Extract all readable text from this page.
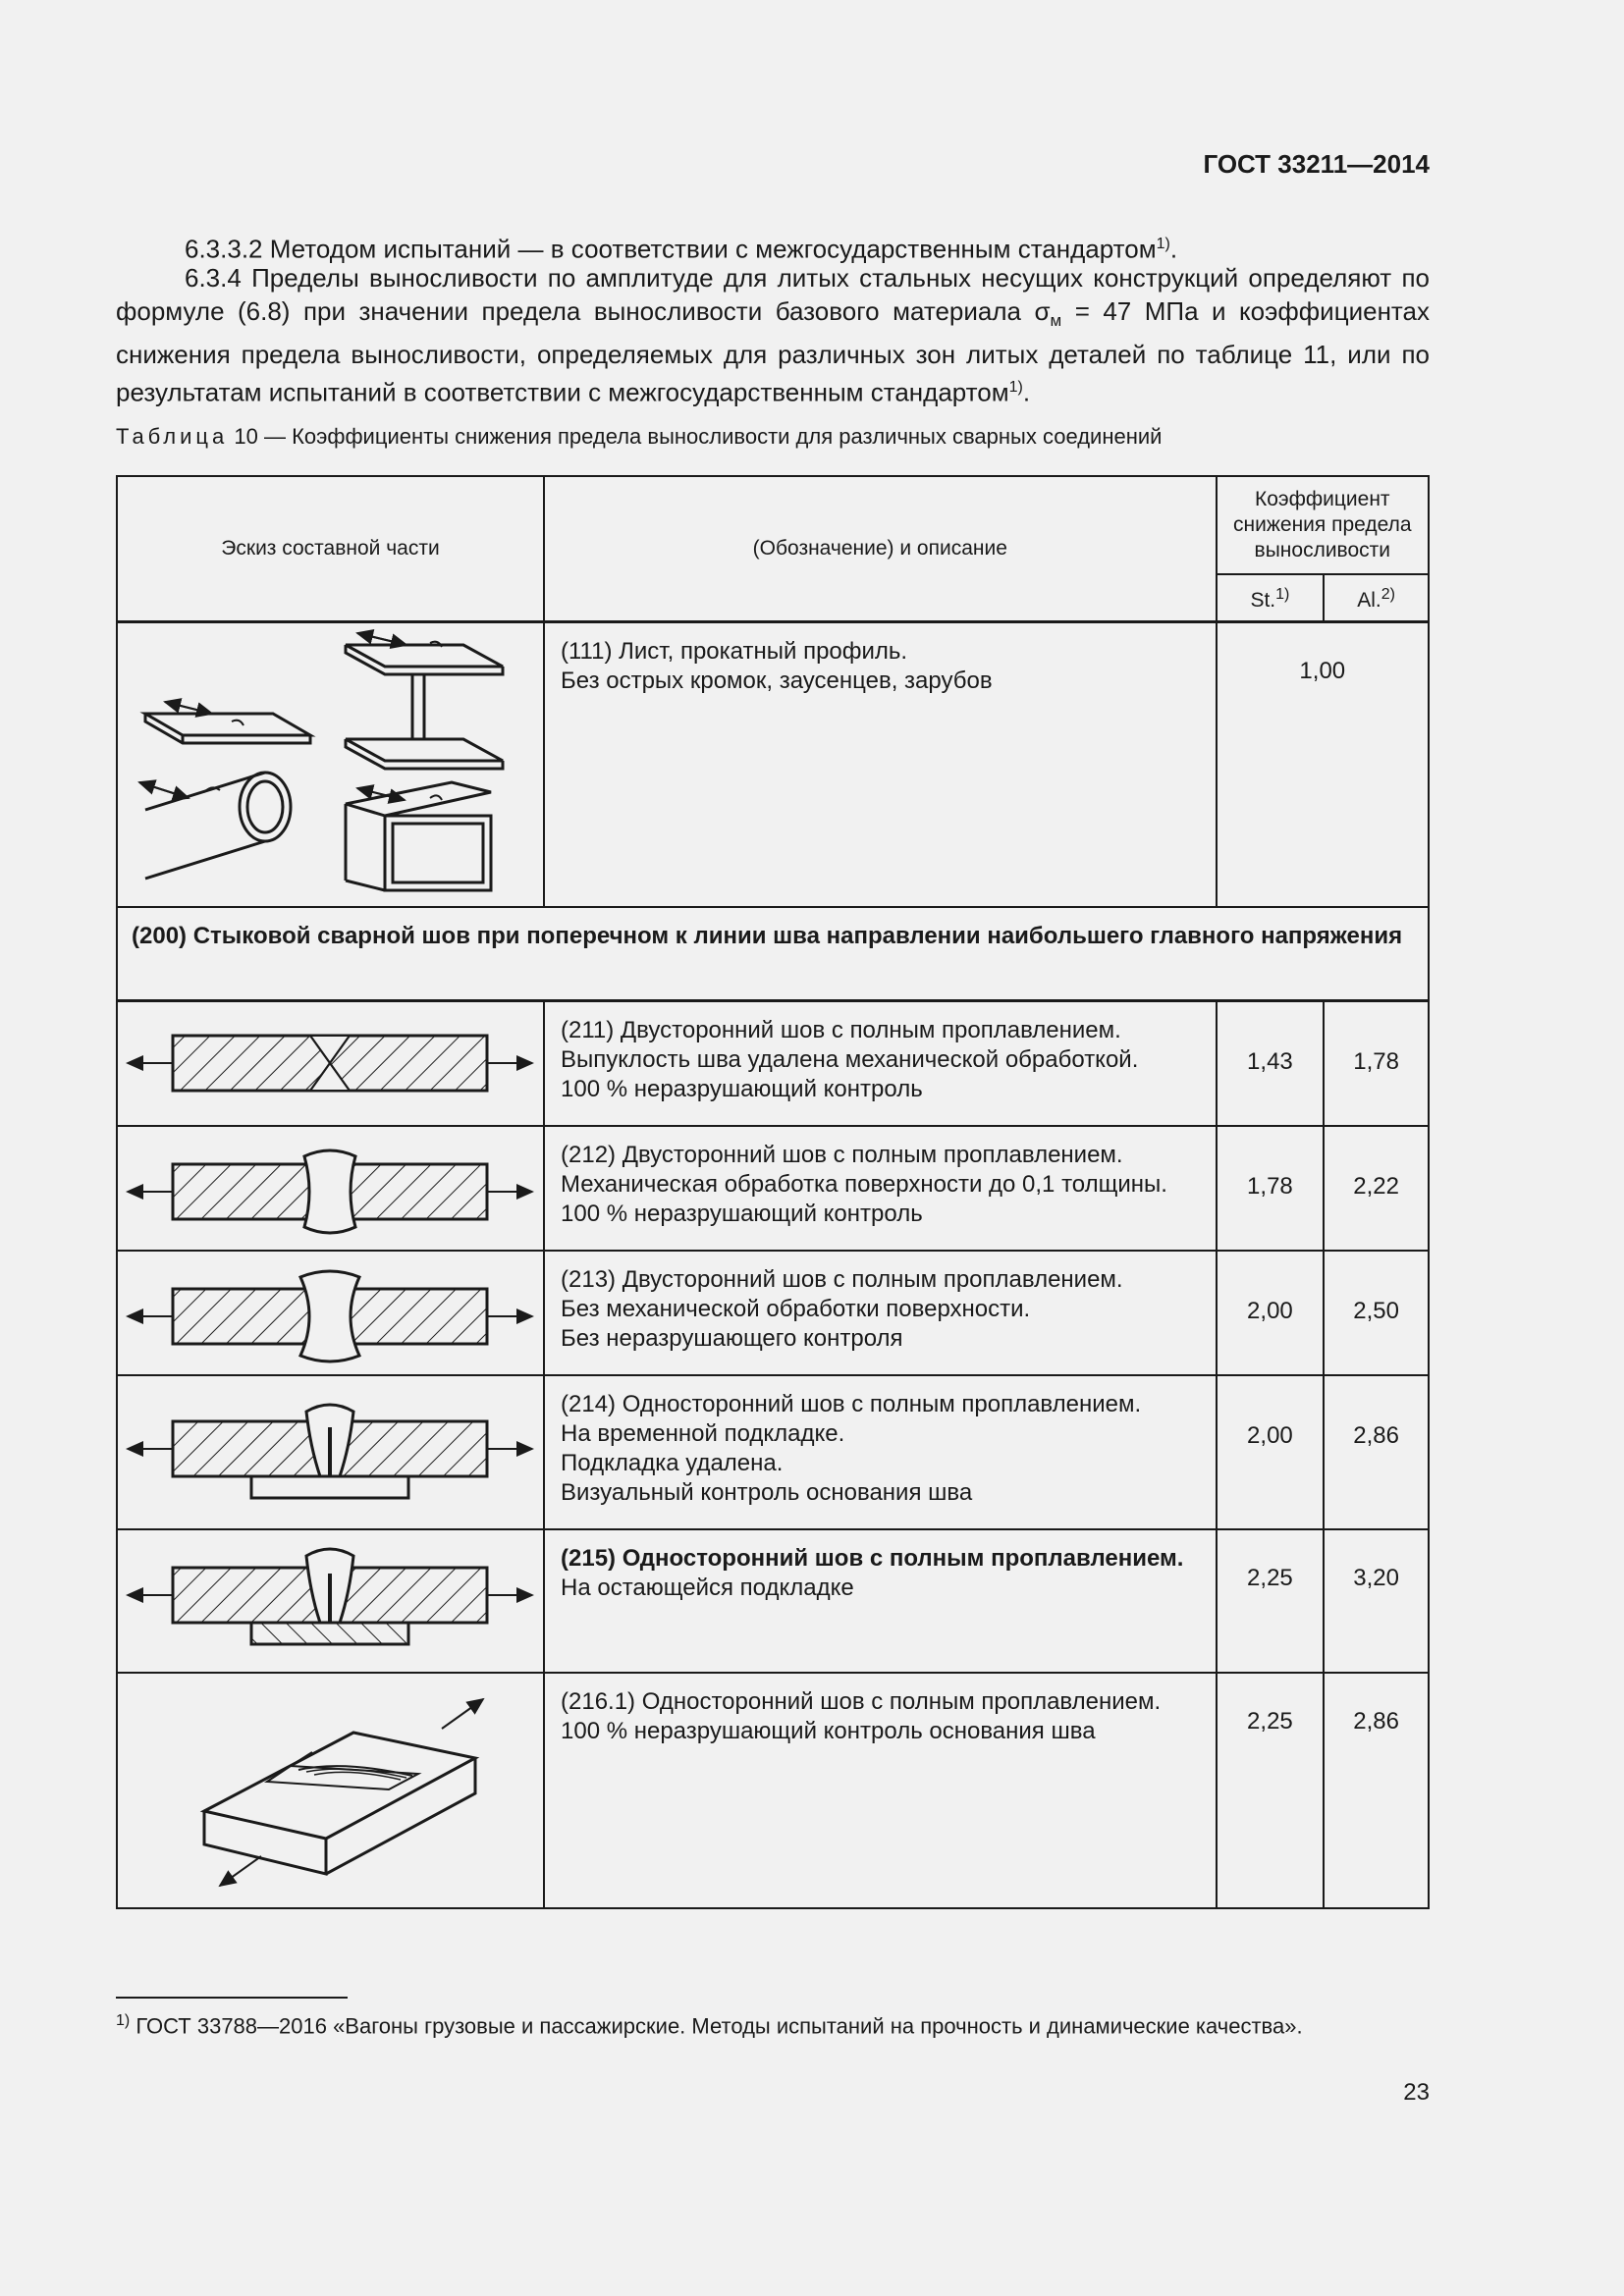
ГОСТ 33211—2014
6.3.3.2 Методом испытаний — в соответствии с межгосударственным стандартом$^{1)}$.
6.3.4 Пределы выносливости по амплитуде для литых стальных несущих конструкций определяют по формуле (6.8) при значении предела выносливости базового материала $\sigma_м = 47$ МПа и коэффициентах снижения предела выносливости, определяемых для различных зон литых деталей по таблице 11, или по результатам испытаний в соответствии с межгосударственным стандартом$^{1)}$.
Таблица 10 — Коэффициенты снижения предела выносливости для различных сварных соединений
Эскиз составной части	(Обозначение) и описание	Коэффициент снижения предела выносливости	
		St.$^{1)}$	Al.$^{2)}$

(111) Лист, прокатный профиль.
Без острых кромок, заусенцев, зарубов	1,00	
(200) Стыковой сварной шов при поперечном к линии шва направлении наибольшего главного напряжения			

(211) Двусторонний шов с полным проплавлением.
Выпуклость шва удалена механической обработкой.
100 % неразрушающий контроль	1,43	1,78

(212) Двусторонний шов с полным проплавлением.
Механическая обработка поверхности до 0,1 толщины.
100 % неразрушающий контроль	1,78	2,22

(213) Двусторонний шов с полным проплавлением.
Без механической обработки поверхности.
Без неразрушающего контроля	2,00	2,50

(214) Односторонний шов с полным проплавлением.
На временной подкладке.
Подкладка удалена.
Визуальный контроль основания шва	2,00	2,86

(215) Односторонний шов с полным проплавлением.
На остающейся подкладке	2,25	3,20

(216.1) Односторонний шов с полным проплавлением.
100 % неразрушающий контроль основания шва	2,25	2,86
$^{1)}$ ГОСТ 33788—2016 «Вагоны грузовые и пассажирские. Методы испытаний на прочность и динамические качества».
23
